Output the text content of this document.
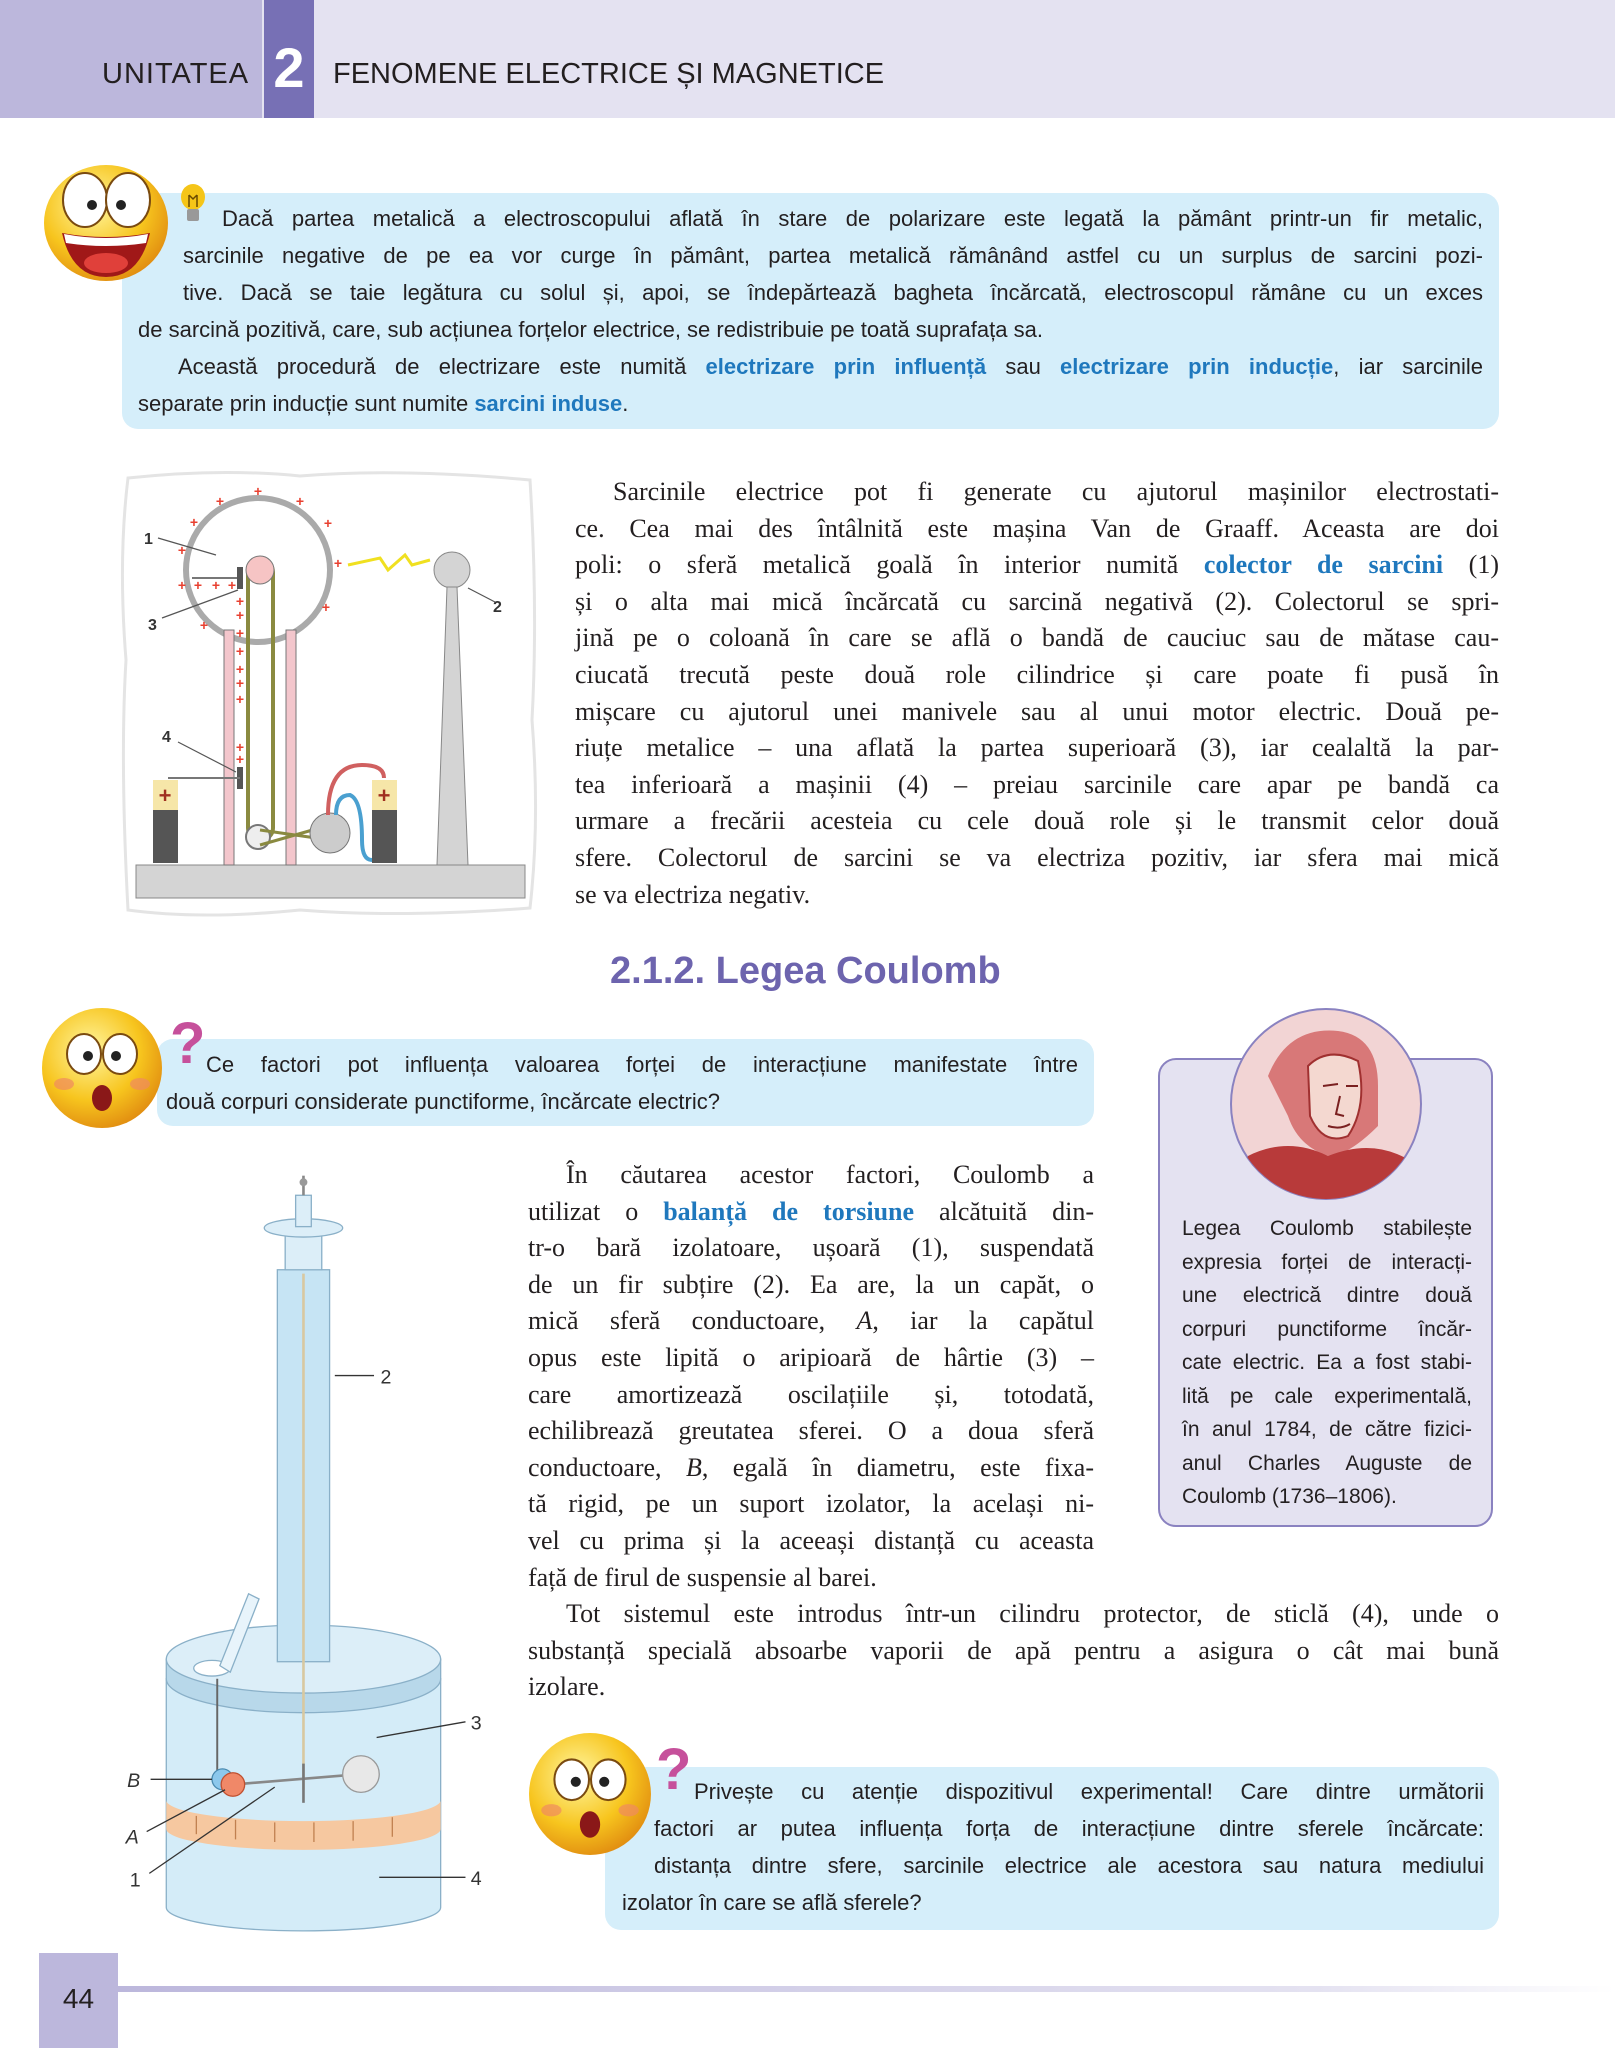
UNITATEA 2 FENOMENE ELECTRICE ȘI MAGNETICE
Dacă partea metalică a electroscopului aflată în stare de polarizare este legată la pământ printr-un fir metalic,
sarcinile negative de pe ea vor curge în pământ, partea metalică rămânând astfel cu un surplus de sarcini pozi-
tive. Dacă se taie legătura cu solul și, apoi, se îndepărtează bagheta încărcată, electroscopul rămâne cu un exces
de sarcină pozitivă, care, sub acțiunea forțelor electrice, se redistribuie pe toată suprafața sa.
Această procedură de electrizare este numită electrizare prin influență sau electrizare prin inducție, iar sarcinile
separate prin inducție sunt numite sarcini induse.
+	+
+
+
+
+	+
+
+
+
+
+ + + +
+
+
+
+
+
+
+
+
+
1
2
3
4
Sarcinile electrice pot fi generate cu ajutorul mașinilor electrostati-
ce. Cea mai des întâlnită este mașina Van de Graaff. Aceasta are doi
poli: o sferă metalică goală în interior numită colector de sarcini (1)
și o alta mai mică încărcată cu sarcină negativă (2). Colectorul se spri-
jină pe o coloană în care se află o bandă de cauciuc sau de mătase cau-
ciucată trecută peste două role cilindrice și care poate fi pusă în
mișcare cu ajutorul unei manivele sau al unui motor electric. Două pe-
riuțe metalice – una aflată la partea superioară (3), iar cealaltă la par-
tea inferioară a mașinii (4) – preiau sarcinile care apar pe bandă ca
urmare a frecării acesteia cu cele două role și le transmit celor două
sfere. Colectorul de sarcini se va electriza pozitiv, iar sfera mai mică
se va electriza negativ.
2.1.2. Legea Coulomb
? Ce factori pot influența valoarea forței de interacțiune manifestate între
două corpuri considerate punctiforme, încărcate electric?
Legea Coulomb stabilește
expresia forței de interacți-
une electrică dintre două
corpuri punctiforme încăr-
cate electric. Ea a fost stabi-
lită pe cale experimentală,
în anul 1784, de către fizici-
anul Charles Auguste de
Coulomb (1736–1806).
2
3
B
A
1	4
În căutarea acestor factori, Coulomb a
utilizat o balanță de torsiune alcătuită din-
tr-o bară izolatoare, ușoară (1), suspendată
de un fir subțire (2). Ea are, la un capăt, o
mică sferă conductoare, A, iar la capătul
opus este lipită o aripioară de hârtie (3) –
care amortizează oscilațiile și, totodată,
echilibrează greutatea sferei. O a doua sferă
conductoare, B, egală în diametru, este fixa-
tă rigid, pe un suport izolator, la același ni-
vel cu prima și la aceeași distanță cu aceasta
față de firul de suspensie al barei.
Tot sistemul este introdus într-un cilindru protector, de sticlă (4), unde o
substanță specială absoarbe vaporii de apă pentru a asigura o cât mai bună
izolare.
? Privește cu atenție dispozitivul experimental! Care dintre următorii
factori ar putea influența forța de interacțiune dintre sferele încărcate:
distanța dintre sfere, sarcinile electrice ale acestora sau natura mediului
izolator în care se află sferele?
44
